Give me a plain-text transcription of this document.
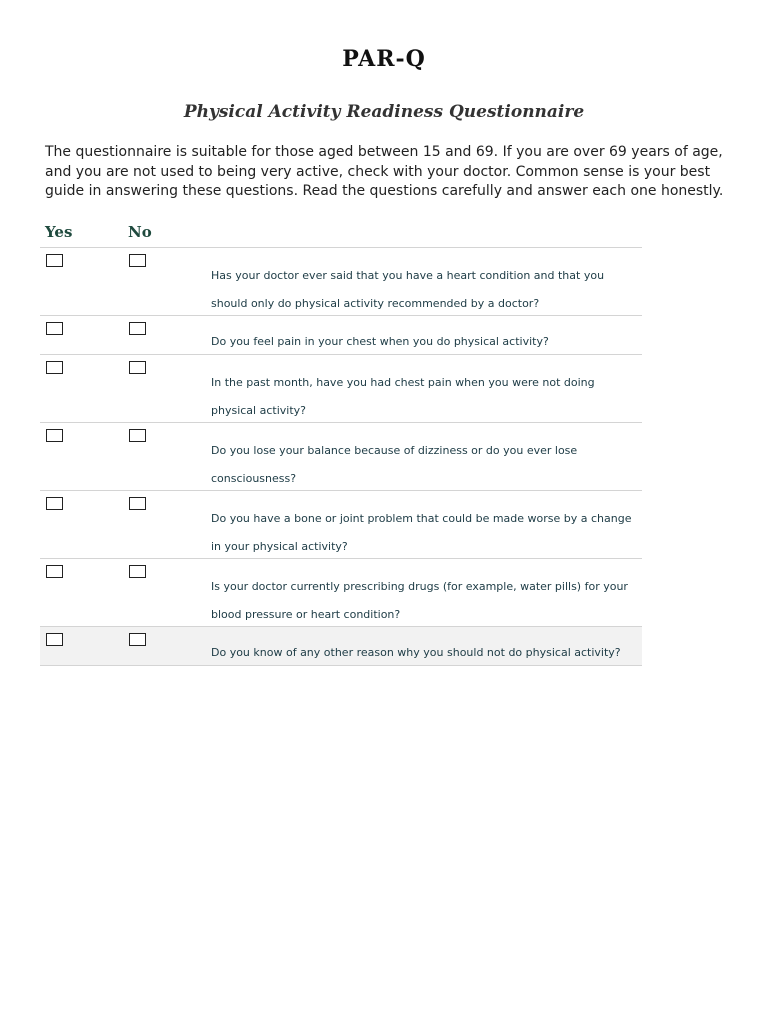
PAR-Q
Physical Activity Readiness Questionnaire

The questionnaire is suitable for those aged between 15 and 69. If you are over 69 years of age, and you are not used to being very active, check with your doctor. Common sense is your best guide in answering these questions. Read the questions carefully and answer each one honestly.

Yes	No

Has your doctor ever said that you have a heart condition and that you should only do physical activity recommended by a doctor?

Do you feel pain in your chest when you do physical activity?

In the past month, have you had chest pain when you were not doing physical activity?

Do you lose your balance because of dizziness or do you ever lose consciousness?

Do you have a bone or joint problem that could be made worse by a change in your physical activity?

Is your doctor currently prescribing drugs (for example, water pills) for your blood pressure or heart condition?

Do you know of any other reason why you should not do physical activity?
